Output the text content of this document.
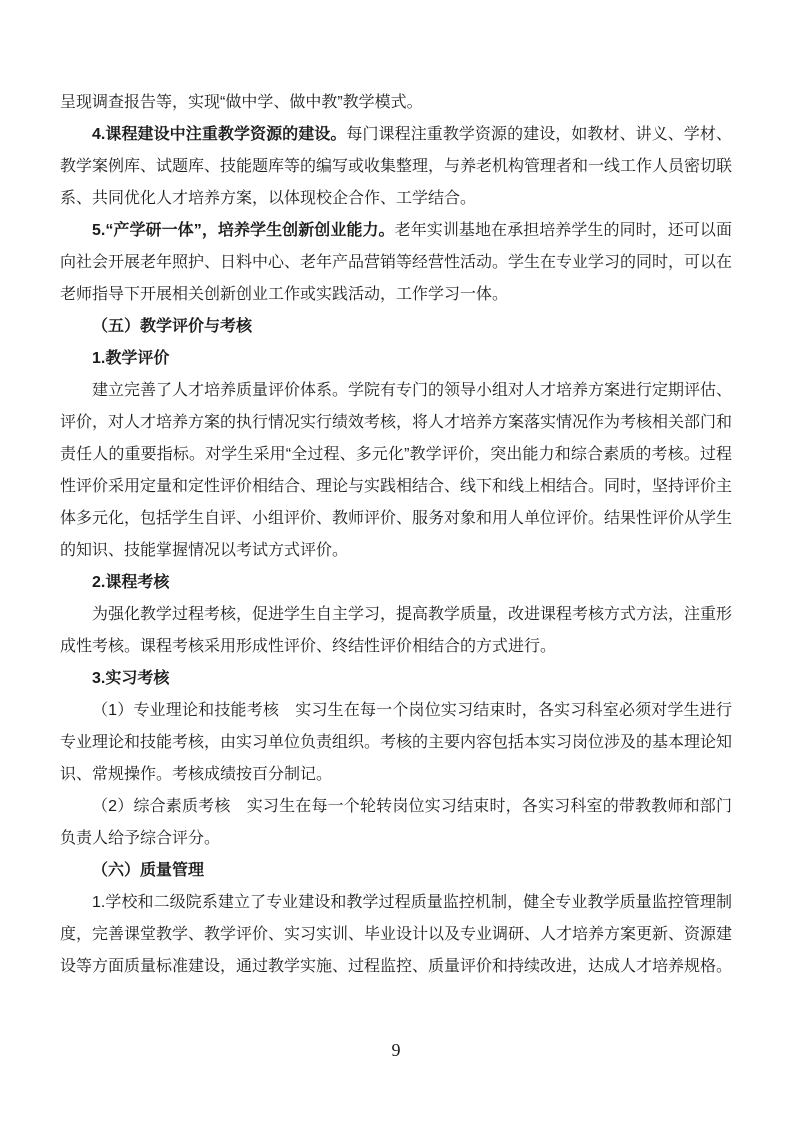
呈现调查报告等，实现“做中学、做中教”教学模式。

4.课程建设中注重教学资源的建设。每门课程注重教学资源的建设，如教材、讲义、学材、教学案例库、试题库、技能题库等的编写或收集整理，与养老机构管理者和一线工作人员密切联系、共同优化人才培养方案，以体现校企合作、工学结合。

5.“产学研一体”，培养学生创新创业能力。老年实训基地在承担培养学生的同时，还可以面向社会开展老年照护、日料中心、老年产品营销等经营性活动。学生在专业学习的同时，可以在老师指导下开展相关创新创业工作或实践活动，工作学习一体。

（五）教学评价与考核

1.教学评价

建立完善了人才培养质量评价体系。学院有专门的领导小组对人才培养方案进行定期评估、评价，对人才培养方案的执行情况实行绩效考核，将人才培养方案落实情况作为考核相关部门和责任人的重要指标。对学生采用“全过程、多元化”教学评价，突出能力和综合素质的考核。过程性评价采用定量和定性评价相结合、理论与实践相结合、线下和线上相结合。同时，坚持评价主体多元化，包括学生自评、小组评价、教师评价、服务对象和用人单位评价。结果性评价从学生的知识、技能掌握情况以考试方式评价。

2.课程考核

为强化教学过程考核，促进学生自主学习，提高教学质量，改进课程考核方式方法，注重形成性考核。课程考核采用形成性评价、终结性评价相结合的方式进行。

3.实习考核

（1）专业理论和技能考核　实习生在每一个岗位实习结束时，各实习科室必须对学生进行专业理论和技能考核，由实习单位负责组织。考核的主要内容包括本实习岗位涉及的基本理论知识、常规操作。考核成绩按百分制记。

（2）综合素质考核　实习生在每一个轮转岗位实习结束时，各实习科室的带教教师和部门负责人给予综合评分。

（六）质量管理

1.学校和二级院系建立了专业建设和教学过程质量监控机制，健全专业教学质量监控管理制度，完善课堂教学、教学评价、实习实训、毕业设计以及专业调研、人才培养方案更新、资源建设等方面质量标准建设，通过教学实施、过程监控、质量评价和持续改进，达成人才培养规格。

9
